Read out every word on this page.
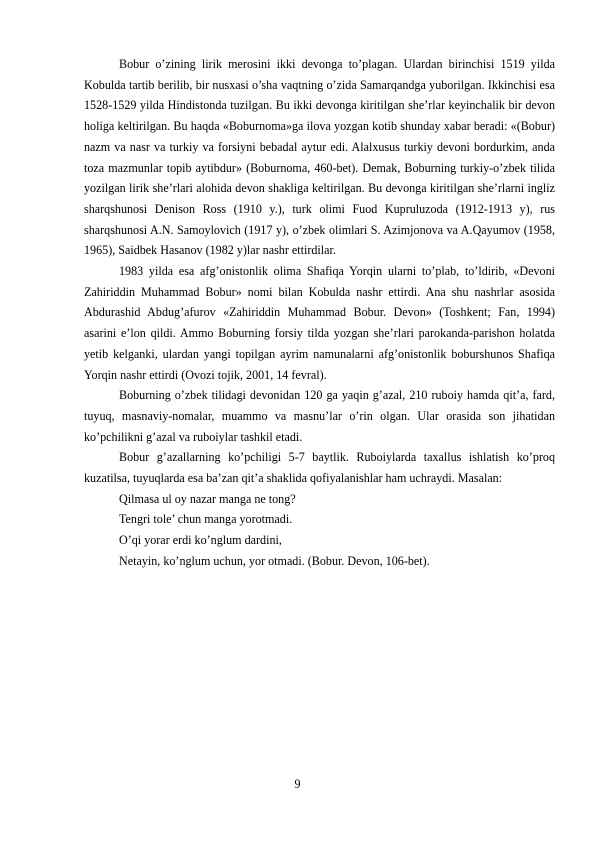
Bobur o’zining lirik merosini ikki devonga to’plagan. Ulardan birinchisi 1519 yilda Kobulda tartib berilib, bir nusxasi o’sha vaqtning o’zida Samarqandga yuborilgan. Ikkinchisi esa 1528-1529 yilda Hindistonda tuzilgan. Bu ikki devonga kiritilgan she’rlar keyinchalik bir devon holiga keltirilgan. Bu haqda «Boburnoma»ga ilova yozgan kotib shunday xabar beradi: «(Bobur) nazm va nasr va turkiy va forsiyni bebadal aytur edi. Alalxusus turkiy devoni bordurkim, anda toza mazmunlar topib aytibdur» (Boburnoma, 460-bet). Demak, Boburning turkiy-o’zbek tilida yozilgan lirik she’rlari alohida devon shakliga keltirilgan. Bu devonga kiritilgan she’rlarni ingliz sharqshunosi Denison Ross (1910 y.), turk olimi Fuod Kupruluzoda (1912-1913 y), rus sharqshunosi A.N. Samoylovich (1917 y), o’zbek olimlari S. Azimjonova va A.Qayumov (1958, 1965), Saidbek Hasanov (1982 y)lar nashr ettirdilar.

1983 yilda esa afg’onistonlik olima Shafiqa Yorqin ularni to’plab, to’ldirib, «Devoni Zahiriddin Muhammad Bobur» nomi bilan Kobulda nashr ettirdi. Ana shu nashrlar asosida Abdurashid Abdug’afurov «Zahiriddin Muhammad Bobur. Devon» (Toshkent; Fan, 1994) asarini e’lon qildi. Ammo Boburning forsiy tilda yozgan she’rlari parokanda-parishon holatda yetib kelganki, ulardan yangi topilgan ayrim namunalarni afg’onistonlik boburshunos Shafiqa Yorqin nashr ettirdi (Ovozi tojik, 2001, 14 fevral).

Boburning o’zbek tilidagi devonidan 120 ga yaqin g’azal, 210 ruboiy hamda qit’a, fard, tuyuq, masnaviy-nomalar, muammo va masnu’lar o’rin olgan. Ular orasida son jihatidan ko’pchilikni g’azal va ruboiylar tashkil etadi.

Bobur g’azallarning ko’pchiligi 5-7 baytlik. Ruboiylarda taxallus ishlatish ko’proq kuzatilsa, tuyuqlarda esa ba’zan qit’a shaklida qofiyalanishlar ham uchraydi. Masalan:

Qilmasa ul oy nazar manga ne tong?
Tengri tole’ chun manga yorotmadi.
O’qi yorar erdi ko’nglum dardini,
Netayin, ko’nglum uchun, yor otmadi. (Bobur. Devon, 106-bet).
9
